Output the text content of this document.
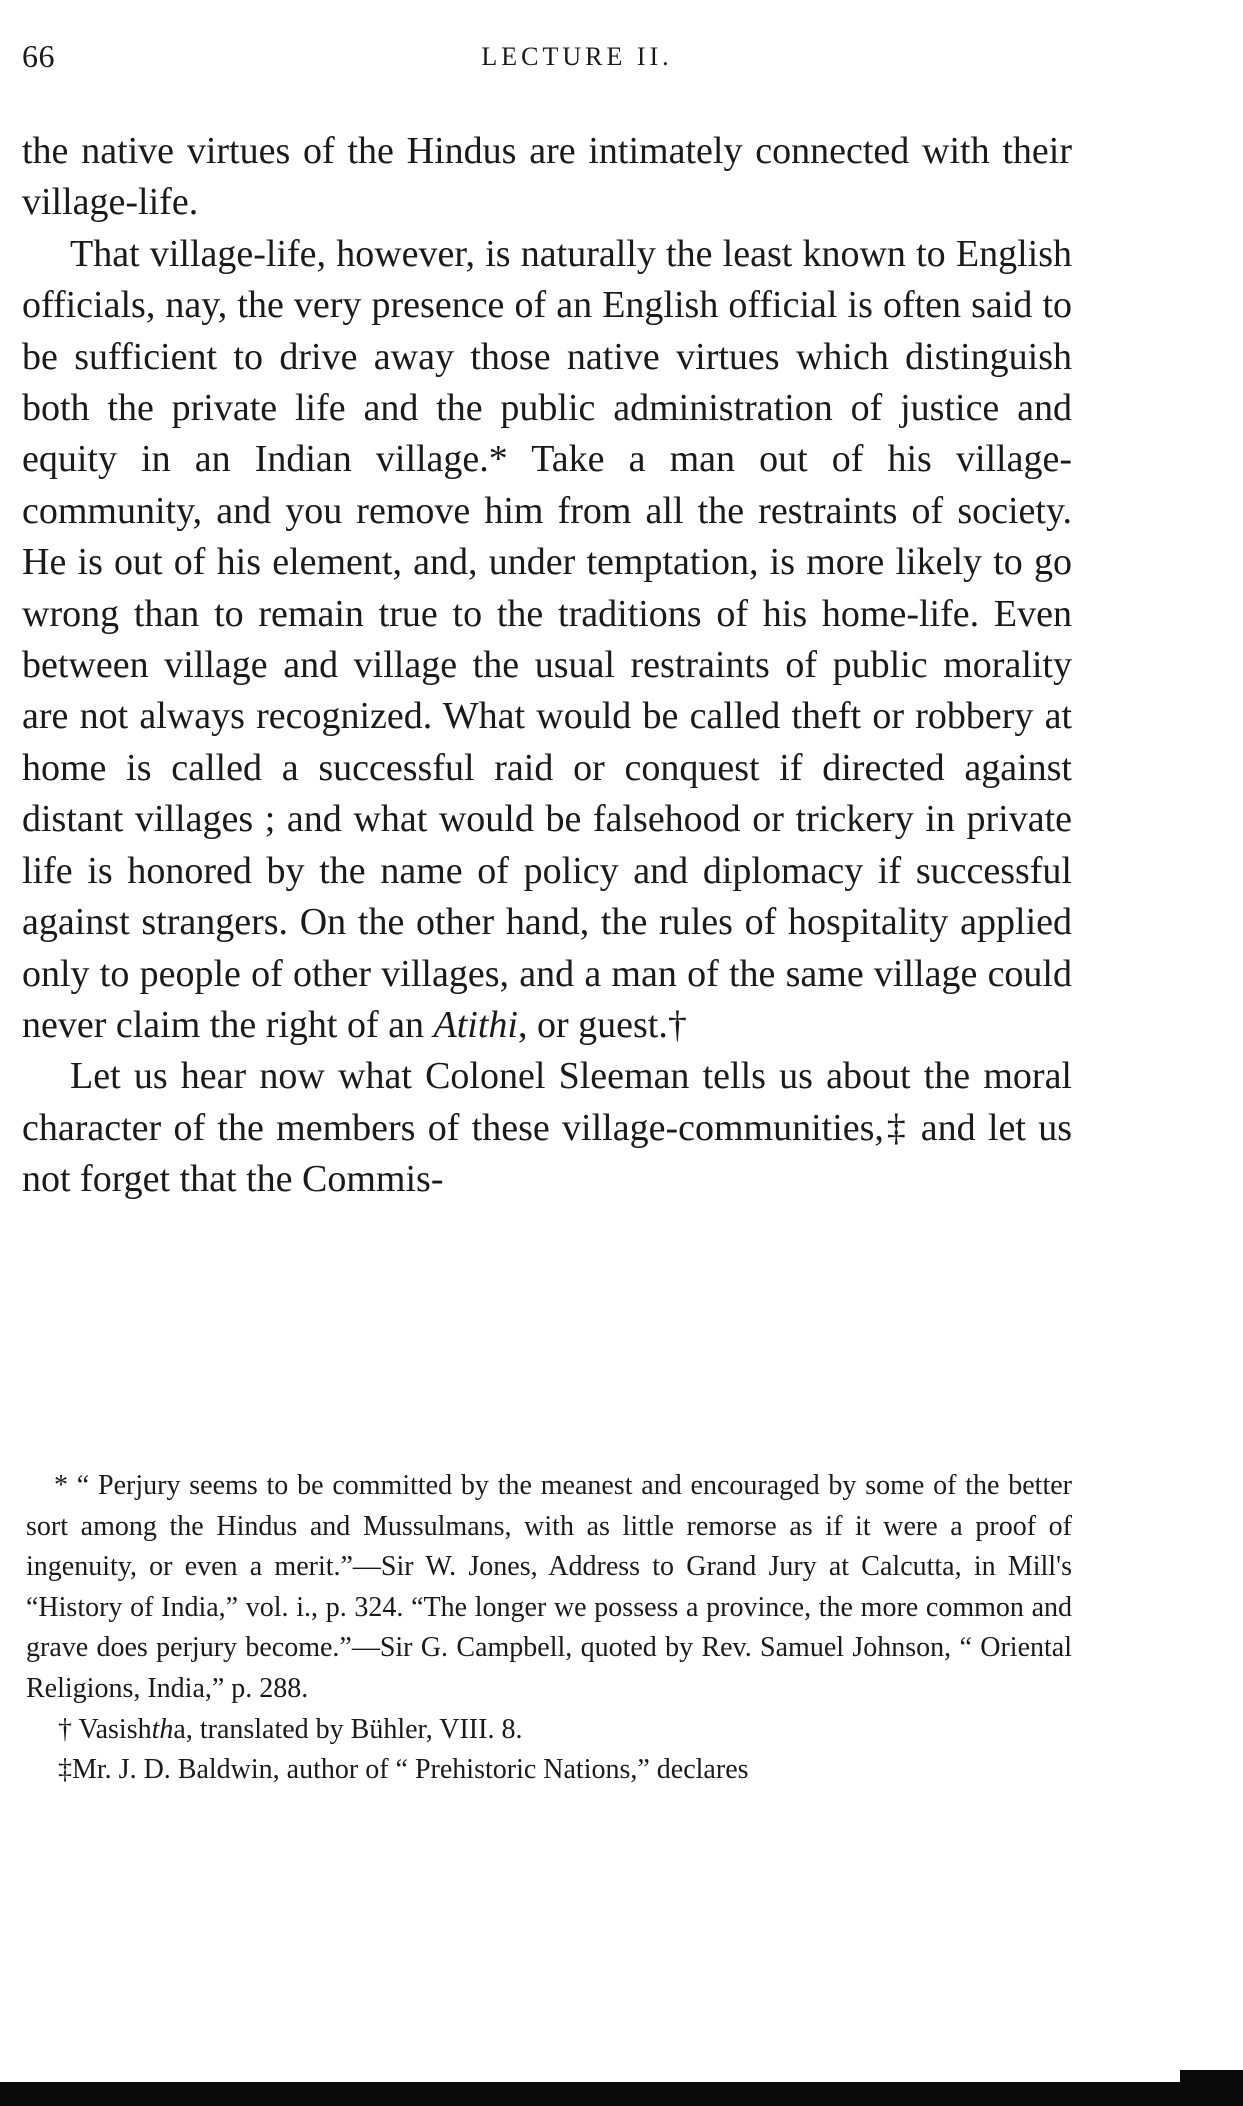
66	LECTURE II.

the native virtues of the Hindus are intimately connected with their village-life.

That village-life, however, is naturally the least known to English officials, nay, the very presence of an English official is often said to be sufficient to drive away those native virtues which distinguish both the private life and the public administration of justice and equity in an Indian village.* Take a man out of his village-community, and you remove him from all the restraints of society. He is out of his element, and, under temptation, is more likely to go wrong than to remain true to the traditions of his home-life. Even between village and village the usual restraints of public morality are not always recognized. What would be called theft or robbery at home is called a successful raid or conquest if directed against distant villages ; and what would be falsehood or trickery in private life is honored by the name of policy and diplomacy if successful against strangers. On the other hand, the rules of hospitality applied only to people of other villages, and a man of the same village could never claim the right of an Atithi, or guest.†

Let us hear now what Colonel Sleeman tells us about the moral character of the members of these village-communities,‡ and let us not forget that the Commis-

* “ Perjury seems to be committed by the meanest and encouraged by some of the better sort among the Hindus and Mussulmans, with as little remorse as if it were a proof of ingenuity, or even a merit.”—Sir W. Jones, Address to Grand Jury at Calcutta, in Mill's “History of India,” vol. i., p. 324. “The longer we possess a province, the more common and grave does perjury become.”—Sir G. Campbell, quoted by Rev. Samuel Johnson, “ Oriental Religions, India,” p. 288.

† Vasishtha, translated by Bühler, VIII. 8.

‡Mr. J. D. Baldwin, author of “ Prehistoric Nations,” declares
